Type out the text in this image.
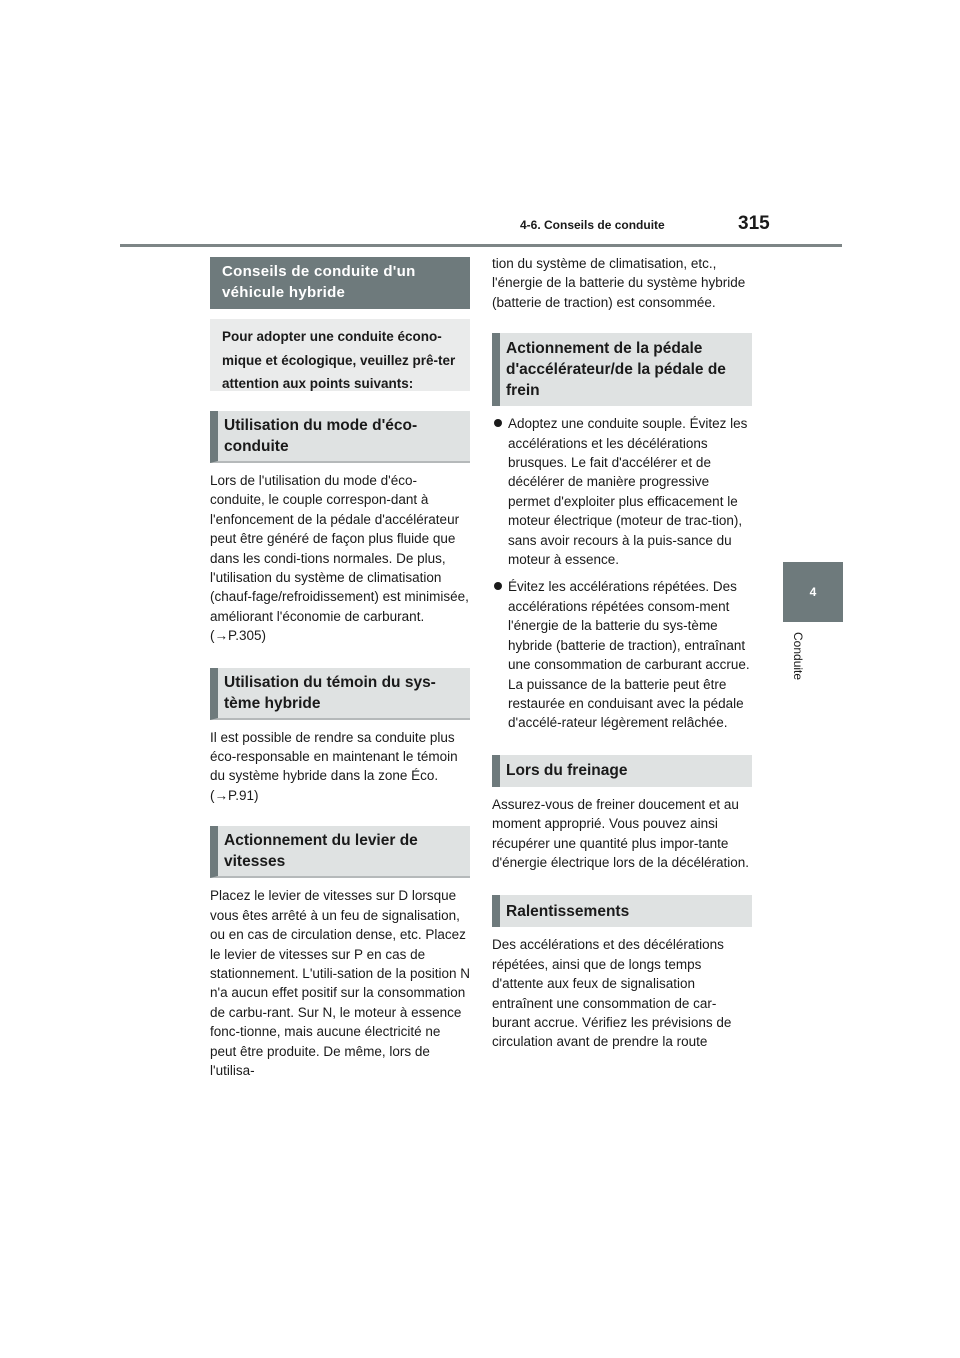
4-6. Conseils de conduite	315
4
Conduite
Conseils de conduite d'un véhicule hybride
Pour adopter une conduite écono-mique et écologique, veuillez prê-ter attention aux points suivants:
Utilisation du mode d'éco-conduite

Lors de l'utilisation du mode d'éco-conduite, le couple correspon-dant à l'enfoncement de la pédale d'accélérateur peut être généré de façon plus fluide que dans les condi-tions normales. De plus, l'utilisation du système de climatisation (chauf-fage/refroidissement) est minimisée, améliorant l'économie de carburant. (→P.305)

Utilisation du témoin du sys-tème hybride

Il est possible de rendre sa conduite plus éco-responsable en maintenant le témoin du système hybride dans la zone Éco. (→P.91)

Actionnement du levier de vitesses

Placez le levier de vitesses sur D lorsque vous êtes arrêté à un feu de signalisation, ou en cas de circulation dense, etc. Placez le levier de vitesses sur P en cas de stationnement. L'utili-sation de la position N n'a aucun effet positif sur la consommation de carbu-rant. Sur N, le moteur à essence fonc-tionne, mais aucune électricité ne peut être produite. De même, lors de l'utilisa-

tion du système de climatisation, etc., l'énergie de la batterie du système hybride (batterie de traction) est consommée.

Actionnement de la pédale d'accélérateur/de la pédale de frein
Adoptez une conduite souple. Évitez les accélérations et les décélérations brusques. Le fait d'accélérer et de décélérer de manière progressive permet d'exploiter plus efficacement le moteur électrique (moteur de trac-tion), sans avoir recours à la puis-sance du moteur à essence.
Évitez les accélérations répétées. Des accélérations répétées consom-ment l'énergie de la batterie du sys-tème hybride (batterie de traction), entraînant une consommation de carburant accrue. La puissance de la batterie peut être restaurée en conduisant avec la pédale d'accélé-rateur légèrement relâchée.
Lors du freinage

Assurez-vous de freiner doucement et au moment approprié. Vous pouvez ainsi récupérer une quantité plus impor-tante d'énergie électrique lors de la décélération.

Ralentissements

Des accélérations et des décélérations répétées, ainsi que de longs temps d'attente aux feux de signalisation entraînent une consommation de car-burant accrue. Vérifiez les prévisions de circulation avant de prendre la route
